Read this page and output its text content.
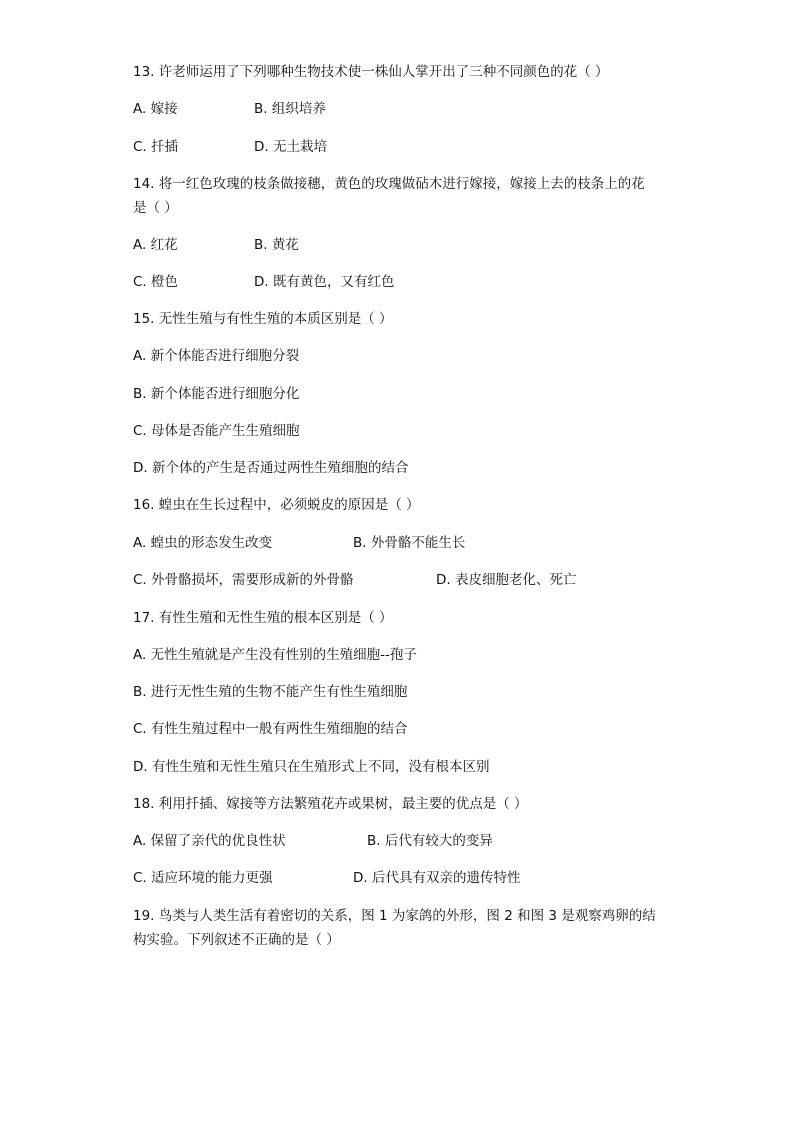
13. 许老师运用了下列哪种生物技术使一株仙人掌开出了三种不同颜色的花（ ）
A. 嫁接	B. 组织培养
C. 扦插	D. 无土栽培
14. 将一红色玫瑰的枝条做接穗，黄色的玫瑰做砧木进行嫁接，嫁接上去的枝条上的花
是（ ）
A. 红花	B. 黄花
C. 橙色	D. 既有黄色，又有红色
15. 无性生殖与有性生殖的本质区别是（ ）
A. 新个体能否进行细胞分裂
B. 新个体能否进行细胞分化
C. 母体是否能产生生殖细胞
D. 新个体的产生是否通过两性生殖细胞的结合
16. 蝗虫在生长过程中，必须蜕皮的原因是（ ）
A. 蝗虫的形态发生改变	B. 外骨骼不能生长
C. 外骨骼损坏，需要形成新的外骨骼	D. 表皮细胞老化、死亡
17. 有性生殖和无性生殖的根本区别是（ ）
A. 无性生殖就是产生没有性别的生殖细胞--孢子
B. 进行无性生殖的生物不能产生有性生殖细胞
C. 有性生殖过程中一般有两性生殖细胞的结合
D. 有性生殖和无性生殖只在生殖形式上不同，没有根本区别
18. 利用扦插、嫁接等方法繁殖花卉或果树，最主要的优点是（ ）
A. 保留了亲代的优良性状	B. 后代有较大的变异
C. 适应环境的能力更强	D. 后代具有双亲的遗传特性
19. 鸟类与人类生活有着密切的关系，图 1 为家鸽的外形，图 2 和图 3 是观察鸡卵的结
构实验。下列叙述不正确的是（ ）
